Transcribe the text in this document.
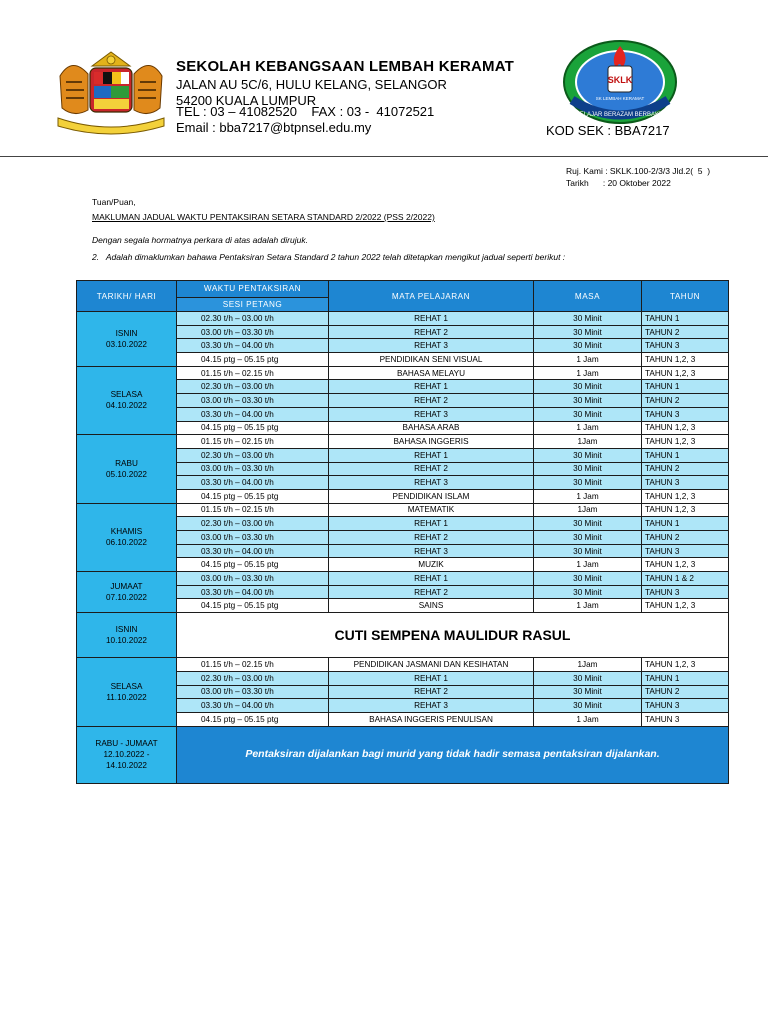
SEKOLAH KEBANGSAAN LEMBAH KERAMAT
JALAN AU 5C/6, HULU KELANG, SELANGOR
54200 KUALA LUMPUR
TEL : 03 – 41082520    FAX : 03 -  41072521
Email : bba7217@btpnsel.edu.my
SKLK
BELAJAR BERAZAM BERBAKTI
SK LEMBAH KERAMAT
KOD SEK : BBA7217
Ruj. Kami : SKLK.100-2/3/3 Jld.2(  5  )
Tarikh      : 20 Oktober 2022
Tuan/Puan,
MAKLUMAN JADUAL WAKTU PENTAKSIRAN SETARA STANDARD 2/2022 (PSS 2/2022)
Dengan segala hormatnya perkara di atas adalah dirujuk.
2.   Adalah dimaklumkan bahawa Pentaksiran Setara Standard 2 tahun 2022 telah ditetapkan mengikut jadual seperti berikut :
TARIKH/ HARI	WAKTU PENTAKSIRAN	MATA PELAJARAN	MASA	TAHUN
	SESI PETANG			
ISNIN
03.10.2022	02.30 t/h – 03.00 t/h	REHAT 1	30 Minit	TAHUN 1
	03.00 t/h – 03.30 t/h	REHAT 2	30 Minit	TAHUN 2
	03.30 t/h – 04.00 t/h	REHAT 3	30 Minit	TAHUN 3
	04.15 ptg – 05.15 ptg	PENDIDIKAN SENI VISUAL	1 Jam	TAHUN 1,2, 3
SELASA
04.10.2022	01.15 t/h – 02.15 t/h	BAHASA MELAYU	1 Jam	TAHUN 1,2, 3
	02.30 t/h – 03.00 t/h	REHAT 1	30 Minit	TAHUN 1
	03.00 t/h – 03.30 t/h	REHAT 2	30 Minit	TAHUN 2
	03.30 t/h – 04.00 t/h	REHAT 3	30 Minit	TAHUN 3
	04.15 ptg – 05.15 ptg	BAHASA ARAB	1 Jam	TAHUN 1,2, 3
RABU
05.10.2022	01.15 t/h – 02.15 t/h	BAHASA INGGERIS	1Jam	TAHUN 1,2, 3
	02.30 t/h – 03.00 t/h	REHAT 1	30 Minit	TAHUN 1
	03.00 t/h – 03.30 t/h	REHAT 2	30 Minit	TAHUN 2
	03.30 t/h – 04.00 t/h	REHAT 3	30 Minit	TAHUN 3
	04.15 ptg – 05.15 ptg	PENDIDIKAN ISLAM	1 Jam	TAHUN 1,2, 3
KHAMIS
06.10.2022	01.15 t/h – 02.15 t/h	MATEMATIK	1Jam	TAHUN 1,2, 3
	02.30 t/h – 03.00 t/h	REHAT 1	30 Minit	TAHUN 1
	03.00 t/h – 03.30 t/h	REHAT 2	30 Minit	TAHUN 2
	03.30 t/h – 04.00 t/h	REHAT 3	30 Minit	TAHUN 3
	04.15 ptg – 05.15 ptg	MUZIK	1 Jam	TAHUN 1,2, 3
JUMAAT
07.10.2022	03.00 t/h – 03.30 t/h	REHAT 1	30 Minit	TAHUN 1 & 2
	03.30 t/h – 04.00 t/h	REHAT 2	30 Minit	TAHUN 3
	04.15 ptg – 05.15 ptg	SAINS	1 Jam	TAHUN 1,2, 3
ISNIN
10.10.2022	CUTI SEMPENA MAULIDUR RASUL			
SELASA
11.10.2022	01.15 t/h – 02.15 t/h	PENDIDIKAN JASMANI DAN KESIHATAN	1Jam	TAHUN 1,2, 3
	02.30 t/h – 03.00 t/h	REHAT 1	30 Minit	TAHUN 1
	03.00 t/h – 03.30 t/h	REHAT 2	30 Minit	TAHUN 2
	03.30 t/h – 04.00 t/h	REHAT 3	30 Minit	TAHUN 3
	04.15 ptg – 05.15 ptg	BAHASA INGGERIS PENULISAN	1 Jam	TAHUN 3
RABU - JUMAAT
12.10.2022 -
14.10.2022	Pentaksiran dijalankan bagi murid yang tidak hadir semasa pentaksiran dijalankan.			
